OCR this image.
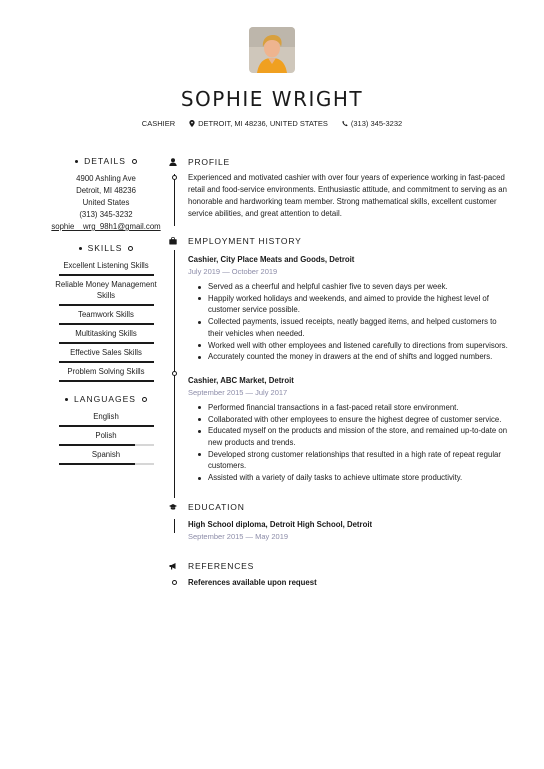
SOPHIE WRIGHT
CASHIER	DETROIT, MI 48236, UNITED STATES	(313) 345-3232
DETAILS
4900 Ashling Ave
Detroit, MI 48236
United States
(313) 345-3232
sophie__wrg_98h1@gmail.com
SKILLS
Excellent Listening Skills
Reliable Money Management Skills
Teamwork Skills
Multitasking Skills
Effective Sales Skills
Problem Solving Skills
LANGUAGES
English
Polish
Spanish
PROFILE
Experienced and motivated cashier with over four years of experience working in fast-paced retail and food-service environments. Enthusiastic attitude, and commitment to serving as an honorable and hardworking team member. Strong mathematical skills, excellent customer service abilities, and great attention to detail.
EMPLOYMENT HISTORY
Cashier, City Place Meats and Goods, Detroit
July 2019 — October 2019
Served as a cheerful and helpful cashier five to seven days per week.
Happily worked holidays and weekends, and aimed to provide the highest level of customer service possible.
Collected payments, issued receipts, neatly bagged items, and helped customers to their vehicles when needed.
Worked well with other employees and listened carefully to directions from supervisors.
Accurately counted the money in drawers at the end of shifts and logged numbers.
Cashier, ABC Market, Detroit
September 2015 — July 2017
Performed financial transactions in a fast-paced retail store environment.
Collaborated with other employees to ensure the highest degree of customer service.
Educated myself on the products and mission of the store, and remained up-to-date on new products and trends.
Developed strong customer relationships that resulted in a high rate of repeat regular customers.
Assisted with a variety of daily tasks to achieve ultimate store productivity.
EDUCATION
High School diploma, Detroit High School, Detroit
September 2015 — May 2019
REFERENCES
References available upon request
